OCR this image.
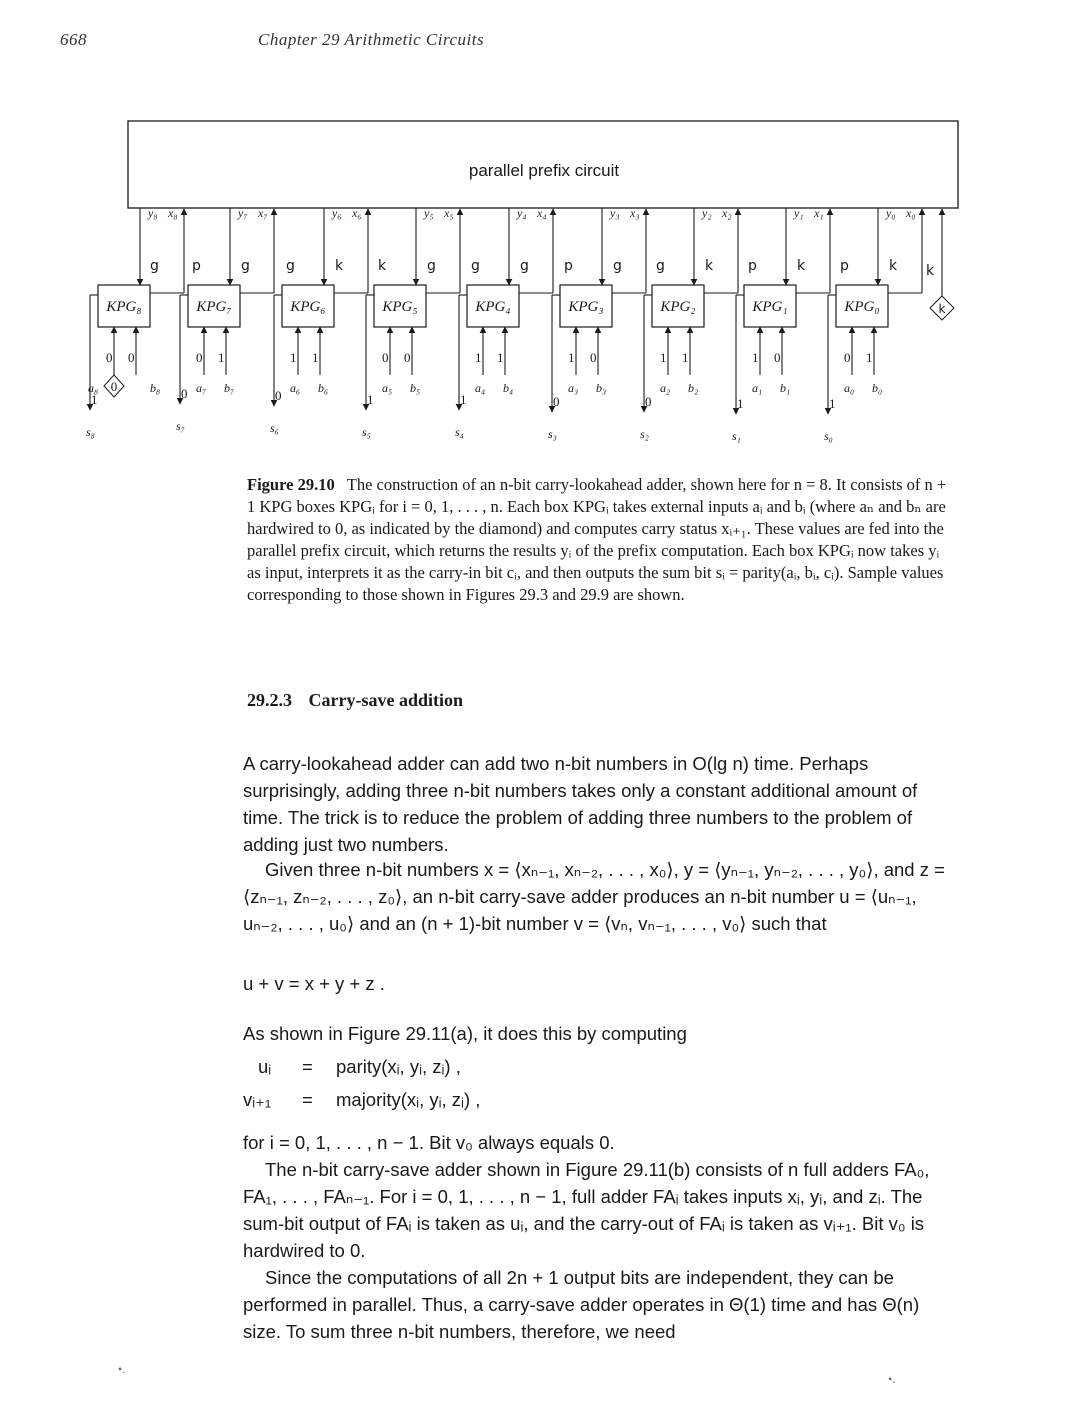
668	Chapter 29 Arithmetic Circuits
parallel prefix circuit
KPG₈
y₈ x₈
g
1
s₈
0 0
a₈	b₈
KPG₇
y₇ x₇
p	g
0
s₇
0 1
a₇ b₇
KPG₆
y₆ x₆
g	k
0
s₆
1 1
a₆ b₆
KPG₅
y₅ x₅
k	g
1
s₅
0 0
a₅ b₅
KPG₄
y₄ x₄
g	g
1
s₄
1 1
a₄ b₄
KPG₃
y₃ x₃
p	g
0
s₃
1 0
a₃ b₃
KPG₂
y₂ x₂
g	k
0
s₂
1 1
a₂ b₂
KPG₁
y₁ x₁
p	k
1
s₁
1 0
a₁ b₁
KPG₀
y₀ x₀
p	k
1
s₀
0 1
a₀ b₀
0
k
k
Figure 29.10 The construction of an n-bit carry-lookahead adder, shown here for n = 8. It consists of n + 1 KPG boxes KPGᵢ for i = 0, 1, . . . , n. Each box KPGᵢ takes external inputs aᵢ and bᵢ (where aₙ and bₙ are hardwired to 0, as indicated by the diamond) and computes carry status xᵢ₊₁. These values are fed into the parallel prefix circuit, which returns the results yᵢ of the prefix computation. Each box KPGᵢ now takes yᵢ as input, interprets it as the carry-in bit cᵢ, and then outputs the sum bit sᵢ = parity(aᵢ, bᵢ, cᵢ). Sample values corresponding to those shown in Figures 29.3 and 29.9 are shown.
29.2.3 Carry-save addition

A carry-lookahead adder can add two n-bit numbers in O(lg n) time. Perhaps surprisingly, adding three n-bit numbers takes only a constant additional amount of time. The trick is to reduce the problem of adding three numbers to the problem of adding just two numbers.

Given three n-bit numbers x = ⟨xₙ₋₁, xₙ₋₂, . . . , x₀⟩, y = ⟨yₙ₋₁, yₙ₋₂, . . . , y₀⟩, and z = ⟨zₙ₋₁, zₙ₋₂, . . . , z₀⟩, an n-bit carry-save adder produces an n-bit number u = ⟨uₙ₋₁, uₙ₋₂, . . . , u₀⟩ and an (n + 1)-bit number v = ⟨vₙ, vₙ₋₁, . . . , v₀⟩ such that

u + v = x + y + z .

As shown in Figure 29.11(a), it does this by computing

uᵢ = parity(xᵢ, yᵢ, zᵢ) ,
vᵢ₊₁ = majority(xᵢ, yᵢ, zᵢ) ,

for i = 0, 1, . . . , n − 1. Bit v₀ always equals 0.

The n-bit carry-save adder shown in Figure 29.11(b) consists of n full adders FA₀, FA₁, . . . , FAₙ₋₁. For i = 0, 1, . . . , n − 1, full adder FAᵢ takes inputs xᵢ, yᵢ, and zᵢ. The sum-bit output of FAᵢ is taken as uᵢ, and the carry-out of FAᵢ is taken as vᵢ₊₁. Bit v₀ is hardwired to 0.

Since the computations of all 2n + 1 output bits are independent, they can be performed in parallel. Thus, a carry-save adder operates in Θ(1) time and has Θ(n) size. To sum three n-bit numbers, therefore, we need

•.
•.
